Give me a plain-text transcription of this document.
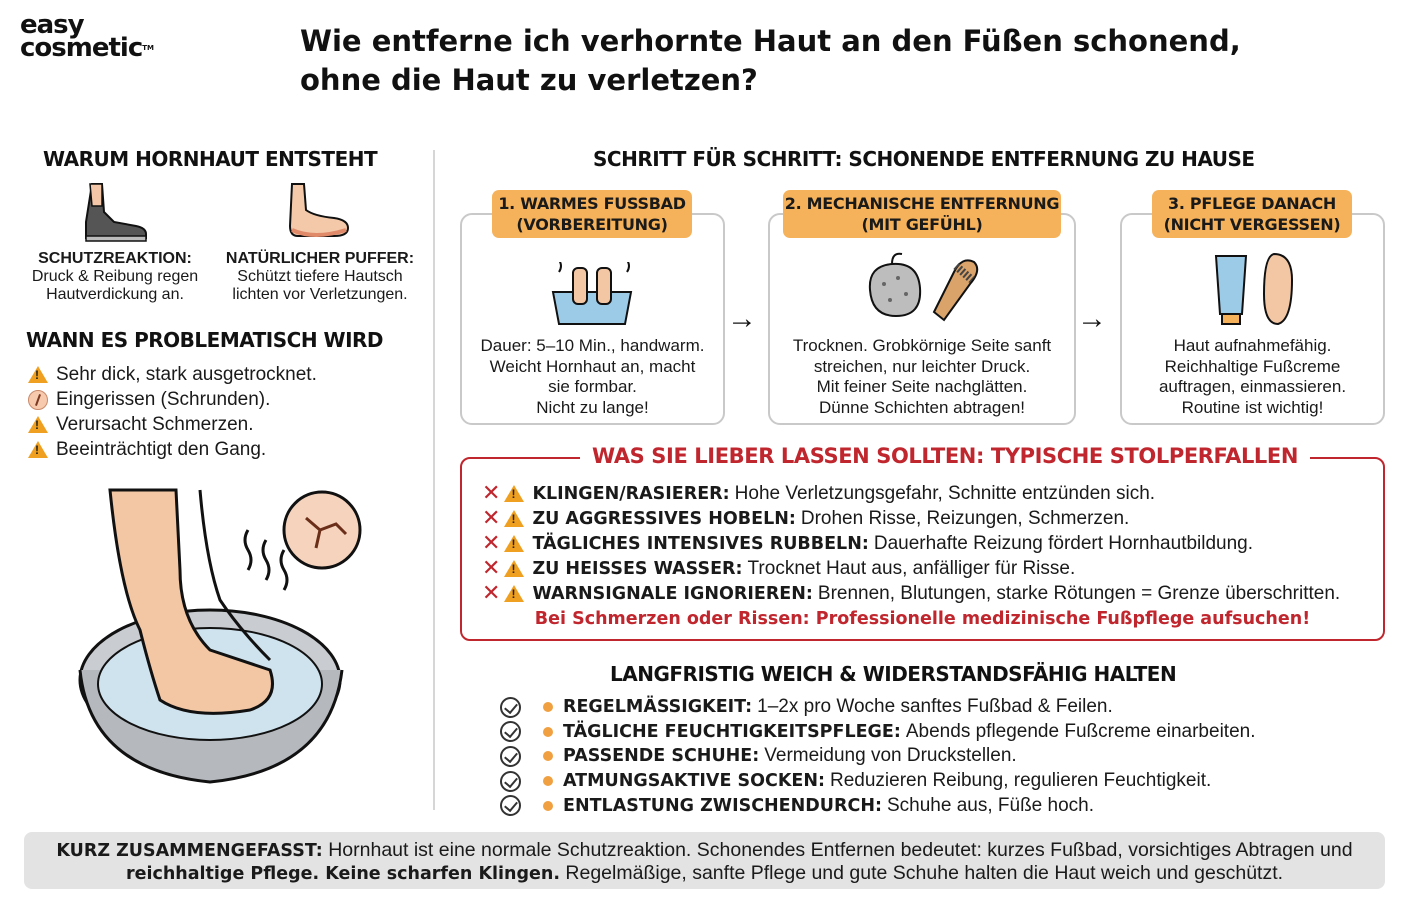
easy
cosmetic™	Wie entferne ich verhornte Haut an den Füßen schonend, ohne die Haut zu verletzen?
WARUM HORNHAUT ENTSTEHT
SCHUTZREAKTION:
Druck & Reibung regen
Hautverdickung an.
NATÜRLICHER PUFFER:
Schützt tiefere Hautsch
lichten vor Verletzungen.
WANN ES PROBLEMATISCH WIRD
!
Sehr dick, stark ausgetrocknet.
Eingerissen (Schrunden).
!
Verursacht Schmerzen.
!
Beeinträchtigt den Gang.
SCHRITT FÜR SCHRITT: SCHONENDE ENTFERNUNG ZU HAUSE
1. WARMES FUSSBAD
(VORBEREITUNG)
Dauer: 5–10 Min., handwarm.
Weicht Hornhaut an, macht
sie formbar.
Nicht zu lange!
→
2. MECHANISCHE ENTFERNUNG
(MIT GEFÜHL)
Trocknen. Grobkörnige Seite sanft
streichen, nur leichter Druck.
Mit feiner Seite nachglätten.
Dünne Schichten abtragen!
→
3. PFLEGE DANACH
(NICHT VERGESSEN)
Haut aufnahmefähig.
Reichhaltige Fußcreme
auftragen, einmassieren.
Routine ist wichtig!
WAS SIE LIEBER LASSEN SOLLTEN: TYPISCHE STOLPERFALLEN
✕ ! KLINGEN/RASIERER: Hohe Verletzungsgefahr, Schnitte entzünden sich.
✕ ! ZU AGGRESSIVES HOBELN: Drohen Risse, Reizungen, Schmerzen.
✕ ! TÄGLICHES INTENSIVES RUBBELN: Dauerhafte Reizung fördert Hornhautbildung.
✕ ! ZU HEISSES WASSER: Trocknet Haut aus, anfälliger für Risse.
✕ ! WARNSIGNALE IGNORIEREN: Brennen, Blutungen, starke Rötungen = Grenze überschritten.
Bei Schmerzen oder Rissen: Professionelle medizinische Fußpflege aufsuchen!
LANGFRISTIG WEICH & WIDERSTANDSFÄHIG HALTEN
REGELMÄSSIGKEIT: 1–2x pro Woche sanftes Fußbad & Feilen.
TÄGLICHE FEUCHTIGKEITSPFLEGE: Abends pflegende Fußcreme einarbeiten.
PASSENDE SCHUHE: Vermeidung von Druckstellen.
ATMUNGSAKTIVE SOCKEN: Reduzieren Reibung, regulieren Feuchtigkeit.
ENTLASTUNG ZWISCHENDURCH: Schuhe aus, Füße hoch.
KURZ ZUSAMMENGEFASST: Hornhaut ist eine normale Schutzreaktion. Schonendes Entfernen bedeutet: kurzes Fußbad, vorsichtiges Abtragen und
reichhaltige Pflege. Keine scharfen Klingen. Regelmäßige, sanfte Pflege und gute Schuhe halten die Haut weich und geschützt.
